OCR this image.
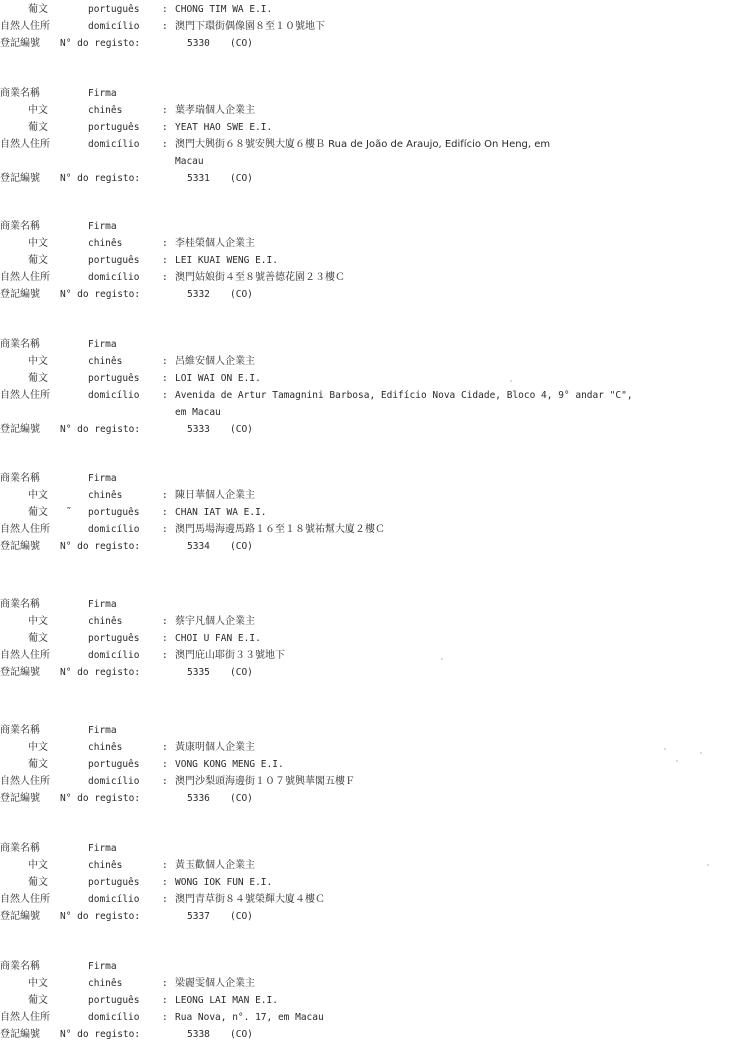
葡文	português : CHONG TIM WA E.I.
自然人住所	domicílio : 澳門下環街偶像園８至１０號地下
登記編號 N° do registo:	5330 (CO)
商業名稱	Firma
中文	chinês	: 葉孝瑞個人企業主
葡文	português : YEAT HAO SWE E.I.
自然人住所	domicílio : 澳門大興街６８號安興大廈６樓Ｂ Rua de João de Araujo, Edifício On Heng, em
Macau
登記編號 N° do registo:	5331 (CO)
商業名稱	Firma
中文	chinês	: 李桂榮個人企業主
葡文	português : LEI KUAI WENG E.I.
自然人住所	domicílio : 澳門姑娘街４至８號善德花園２３樓Ｃ
登記編號 N° do registo:	5332 (CO)
商業名稱	Firma
中文	chinês	: 呂維安個人企業主
葡文	português : LOI WAI ON E.I.
自然人住所	domicílio : Avenida de Artur Tamagnini Barbosa, Edifício Nova Cidade, Bloco 4, 9° andar "C",
em Macau
登記編號 N° do registo:	5333 (CO)
商業名稱	Firma
中文	chinês	: 陳日華個人企業主
葡文 ˜ português : CHAN IAT WA E.I.
自然人住所	domicílio : 澳門馬場海邊馬路１６至１８號祐幫大廈２樓Ｃ
登記編號 N° do registo:	5334 (CO)
商業名稱	Firma
中文	chinês	: 蔡宇凡個人企業主
葡文	português : CHOI U FAN E.I.
自然人住所	domicílio : 澳門庇山耶街３３號地下
登記編號 N° do registo:	5335 (CO)
商業名稱	Firma
中文	chinês	: 黃康明個人企業主
葡文	português : VONG KONG MENG E.I.
自然人住所	domicílio : 澳門沙梨頭海邊街１０７號興華閣五樓Ｆ
登記編號 N° do registo:	5336 (CO)
商業名稱	Firma
中文	chinês	: 黃玉歡個人企業主
葡文	português : WONG IOK FUN E.I.
自然人住所	domicílio : 澳門青草街８４號榮輝大廈４樓Ｃ
登記編號 N° do registo:	5337 (CO)
商業名稱	Firma
中文	chinês	: 梁麗雯個人企業主
葡文	português : LEONG LAI MAN E.I.
自然人住所	domicílio : Rua Nova, n°. 17, em Macau
登記編號 N° do registo:	5338 (CO)
